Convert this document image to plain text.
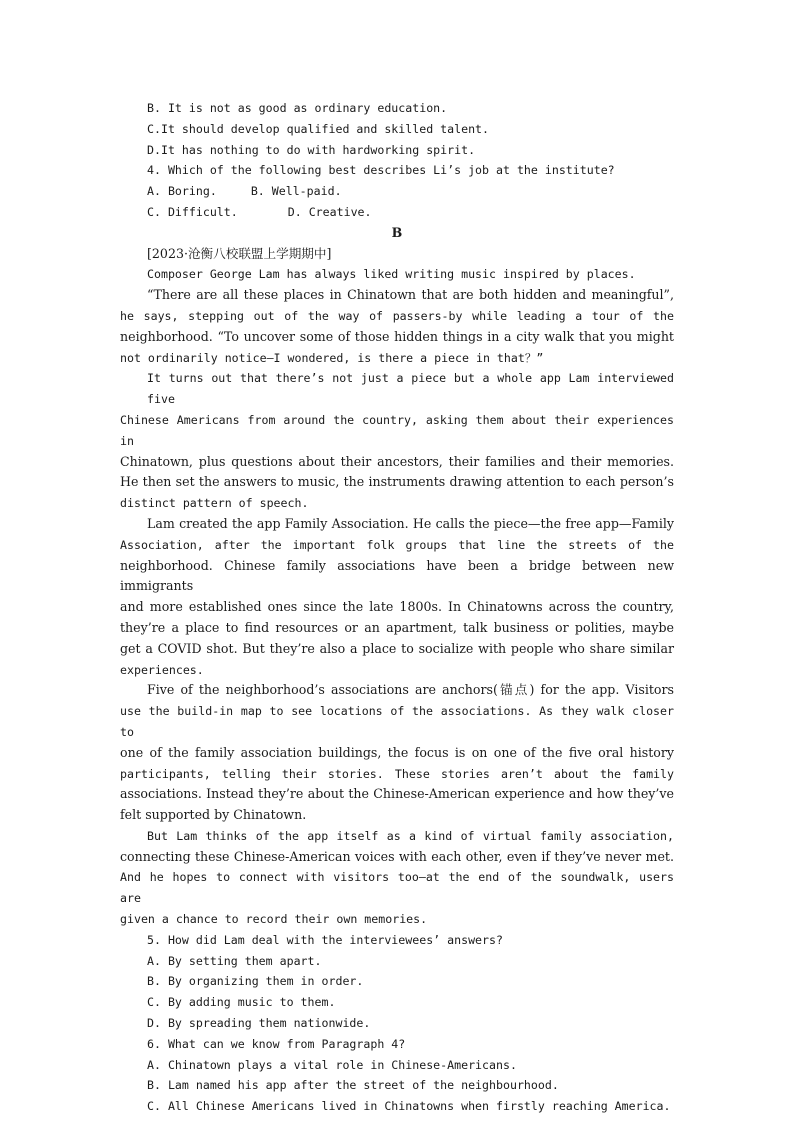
B. It is not as good as ordinary education.
C.It should develop qualified and skilled talent.
D.It has nothing to do with hardworking spirit.
4. Which of the following best describes Li’s job at the institute?
A. Boring.	B. Well-paid.
C. Difficult.	D. Creative.
B
[2023·沧衡八校联盟上学期期中]
Composer George Lam has always liked writing music inspired by places.
“There are all these places in Chinatown that are both hidden and meaningful”,
he says, stepping out of the way of passers-by while leading a tour of the
neighborhood. “To uncover some of those hidden things in a city walk that you might
not ordinarily notice—I wondered, is there a piece in that？”
It turns out that there’s not just a piece but a whole app Lam interviewed five
Chinese Americans from around the country, asking them about their experiences in
Chinatown, plus questions about their ancestors, their families and their memories.
He then set the answers to music, the instruments drawing attention to each person’s
distinct pattern of speech.
Lam created the app Family Association. He calls the piece—the free app—Family
Association, after the important folk groups that line the streets of the
neighborhood. Chinese family associations have been a bridge between new immigrants
and more established ones since the late 1800s. In Chinatowns across the country,
they’re a place to find resources or an apartment, talk business or polities, maybe
get a COVID shot. But they’re also a place to socialize with people who share similar
experiences.
Five of the neighborhood’s associations are anchors(锚点) for the app. Visitors
use the build-in map to see locations of the associations. As they walk closer to
one of the family association buildings, the focus is on one of the five oral history
participants, telling their stories. These stories aren’t about the family
associations. Instead they’re about the Chinese-American experience and how they’ve
felt supported by Chinatown.
But Lam thinks of the app itself as a kind of virtual family association,
connecting these Chinese-American voices with each other, even if they’ve never met.
And he hopes to connect with visitors too—at the end of the soundwalk, users are
given a chance to record their own memories.
5. How did Lam deal with the interviewees’ answers?
A. By setting them apart.
B. By organizing them in order.
C. By adding music to them.
D. By spreading them nationwide.
6. What can we know from Paragraph 4?
A. Chinatown plays a vital role in Chinese-Americans.
B. Lam named his app after the street of the neighbourhood.
C. All Chinese Americans lived in Chinatowns when firstly reaching America.
